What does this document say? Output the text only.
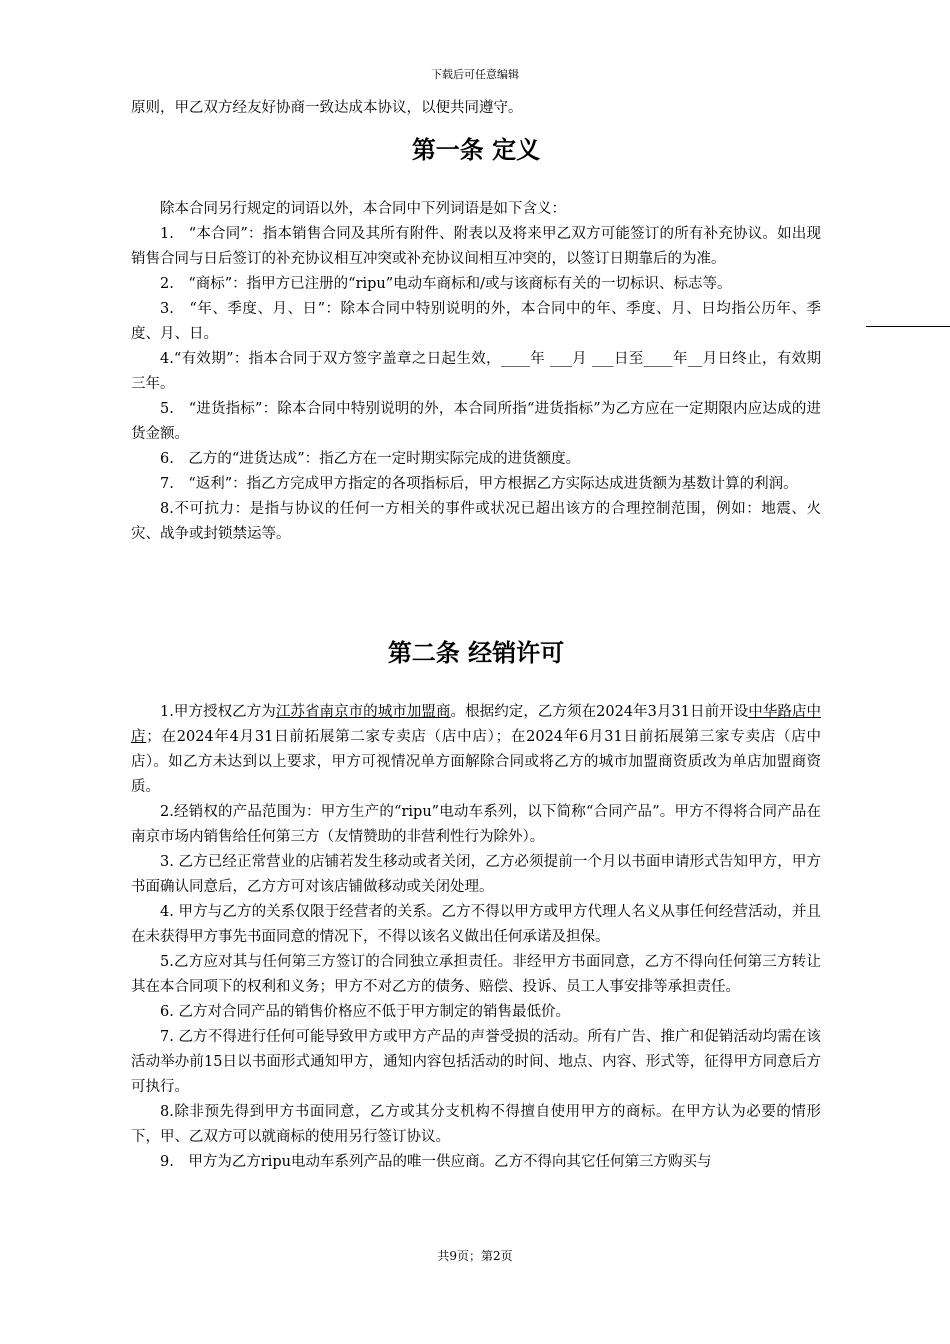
下载后可任意编辑

原则，甲乙双方经友好协商一致达成本协议，以便共同遵守。

第一条 定义

除本合同另行规定的词语以外，本合同中下列词语是如下含义：

1.　“本合同”：指本销售合同及其所有附件、附表以及将来甲乙双方可能签订的所有补充协议。如出现销售合同与日后签订的补充协议相互冲突或补充协议间相互冲突的，以签订日期靠后的为准。

2.　“商标”：指甲方已注册的“ripu”电动车商标和/或与该商标有关的一切标识、标志等。

3.　“年、季度、月、日”：除本合同中特别说明的外，本合同中的年、季度、月、日均指公历年、季度、月、日。

4.“有效期”：指本合同于双方签字盖章之日起生效，____年 ___月 ___日至____年__月日终止，有效期三年。

5.　“进货指标”：除本合同中特别说明的外，本合同所指“进货指标”为乙方应在一定期限内应达成的进货金额。

6.　乙方的“进货达成”：指乙方在一定时期实际完成的进货额度。

7.　“返利”：指乙方完成甲方指定的各项指标后，甲方根据乙方实际达成进货额为基数计算的利润。

8.不可抗力：是指与协议的任何一方相关的事件或状况已超出该方的合理控制范围，例如：地震、火灾、战争或封锁禁运等。

第二条 经销许可

1.甲方授权乙方为江苏省南京市的城市加盟商。根据约定，乙方须在2024年3月31日前开设中华路店中店；在2024年4月31日前拓展第二家专卖店（店中店）；在2024年6月31日前拓展第三家专卖店（店中店）。如乙方未达到以上要求，甲方可视情况单方面解除合同或将乙方的城市加盟商资质改为单店加盟商资质。

2.经销权的产品范围为：甲方生产的“ripu”电动车系列，以下简称“合同产品”。甲方不得将合同产品在南京市场内销售给任何第三方（友情赞助的非营利性行为除外）。

3. 乙方已经正常营业的店铺若发生移动或者关闭，乙方必须提前一个月以书面申请形式告知甲方，甲方书面确认同意后，乙方方可对该店铺做移动或关闭处理。

4. 甲方与乙方的关系仅限于经营者的关系。乙方不得以甲方或甲方代理人名义从事任何经营活动，并且在未获得甲方事先书面同意的情况下，不得以该名义做出任何承诺及担保。

5.乙方应对其与任何第三方签订的合同独立承担责任。非经甲方书面同意，乙方不得向任何第三方转让其在本合同项下的权利和义务；甲方不对乙方的债务、赔偿、投诉、员工人事安排等承担责任。

6. 乙方对合同产品的销售价格应不低于甲方制定的销售最低价。

7. 乙方不得进行任何可能导致甲方或甲方产品的声誉受损的活动。所有广告、推广和促销活动均需在该活动举办前15日以书面形式通知甲方，通知内容包括活动的时间、地点、内容、形式等，征得甲方同意后方可执行。

8.除非预先得到甲方书面同意，乙方或其分支机构不得擅自使用甲方的商标。在甲方认为必要的情形下，甲、乙双方可以就商标的使用另行签订协议。

9.　甲方为乙方ripu电动车系列产品的唯一供应商。乙方不得向其它任何第三方购买与

共9页；第2页
